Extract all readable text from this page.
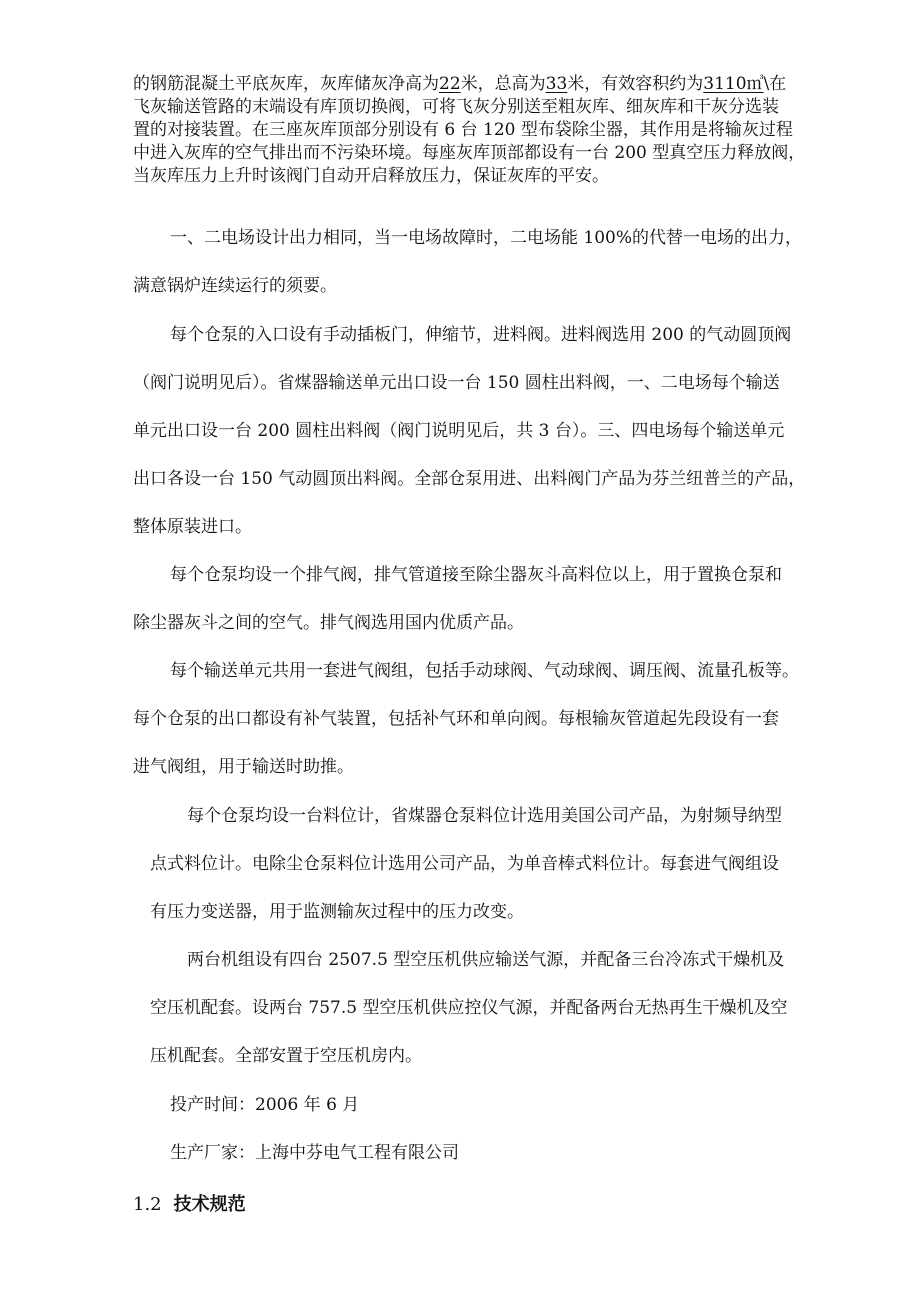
的钢筋混凝土平底灰库，灰库储灰净高为22米，总高为33米，有效容积约为3110㎥\在
飞灰输送管路的末端设有库顶切换阀，可将飞灰分别送至粗灰库、细灰库和干灰分选装
置的对接装置。在三座灰库顶部分别设有 6 台 120 型布袋除尘器，其作用是将输灰过程
中进入灰库的空气排出而不污染环境。每座灰库顶部都设有一台 200 型真空压力释放阀，
当灰库压力上升时该阀门自动开启释放压力，保证灰库的平安。
一、二电场设计出力相同，当一电场故障时，二电场能 100%的代替一电场的出力，
满意锅炉连续运行的须要。
每个仓泵的入口设有手动插板门，伸缩节，进料阀。进料阀选用 200 的气动圆顶阀
（阀门说明见后）。省煤器输送单元出口设一台 150 圆柱出料阀，一、二电场每个输送
单元出口设一台 200 圆柱出料阀（阀门说明见后，共 3 台）。三、四电场每个输送单元
出口各设一台 150 气动圆顶出料阀。全部仓泵用进、出料阀门产品为芬兰纽普兰的产品，
整体原装进口。
每个仓泵均设一个排气阀，排气管道接至除尘器灰斗高料位以上，用于置换仓泵和
除尘器灰斗之间的空气。排气阀选用国内优质产品。
每个输送单元共用一套进气阀组，包括手动球阀、气动球阀、调压阀、流量孔板等。
每个仓泵的出口都设有补气装置，包括补气环和单向阀。每根输灰管道起先段设有一套
进气阀组，用于输送时助推。
每个仓泵均设一台料位计，省煤器仓泵料位计选用美国公司产品，为射频导纳型
点式料位计。电除尘仓泵料位计选用公司产品，为单音棒式料位计。每套进气阀组设
有压力变送器，用于监测输灰过程中的压力改变。
两台机组设有四台 2507.5 型空压机供应输送气源，并配备三台冷冻式干燥机及
空压机配套。设两台 757.5 型空压机供应控仪气源，并配备两台无热再生干燥机及空
压机配套。全部安置于空压机房内。
投产时间：2006 年 6 月
生产厂家：上海中芬电气工程有限公司
1.2 技术规范
